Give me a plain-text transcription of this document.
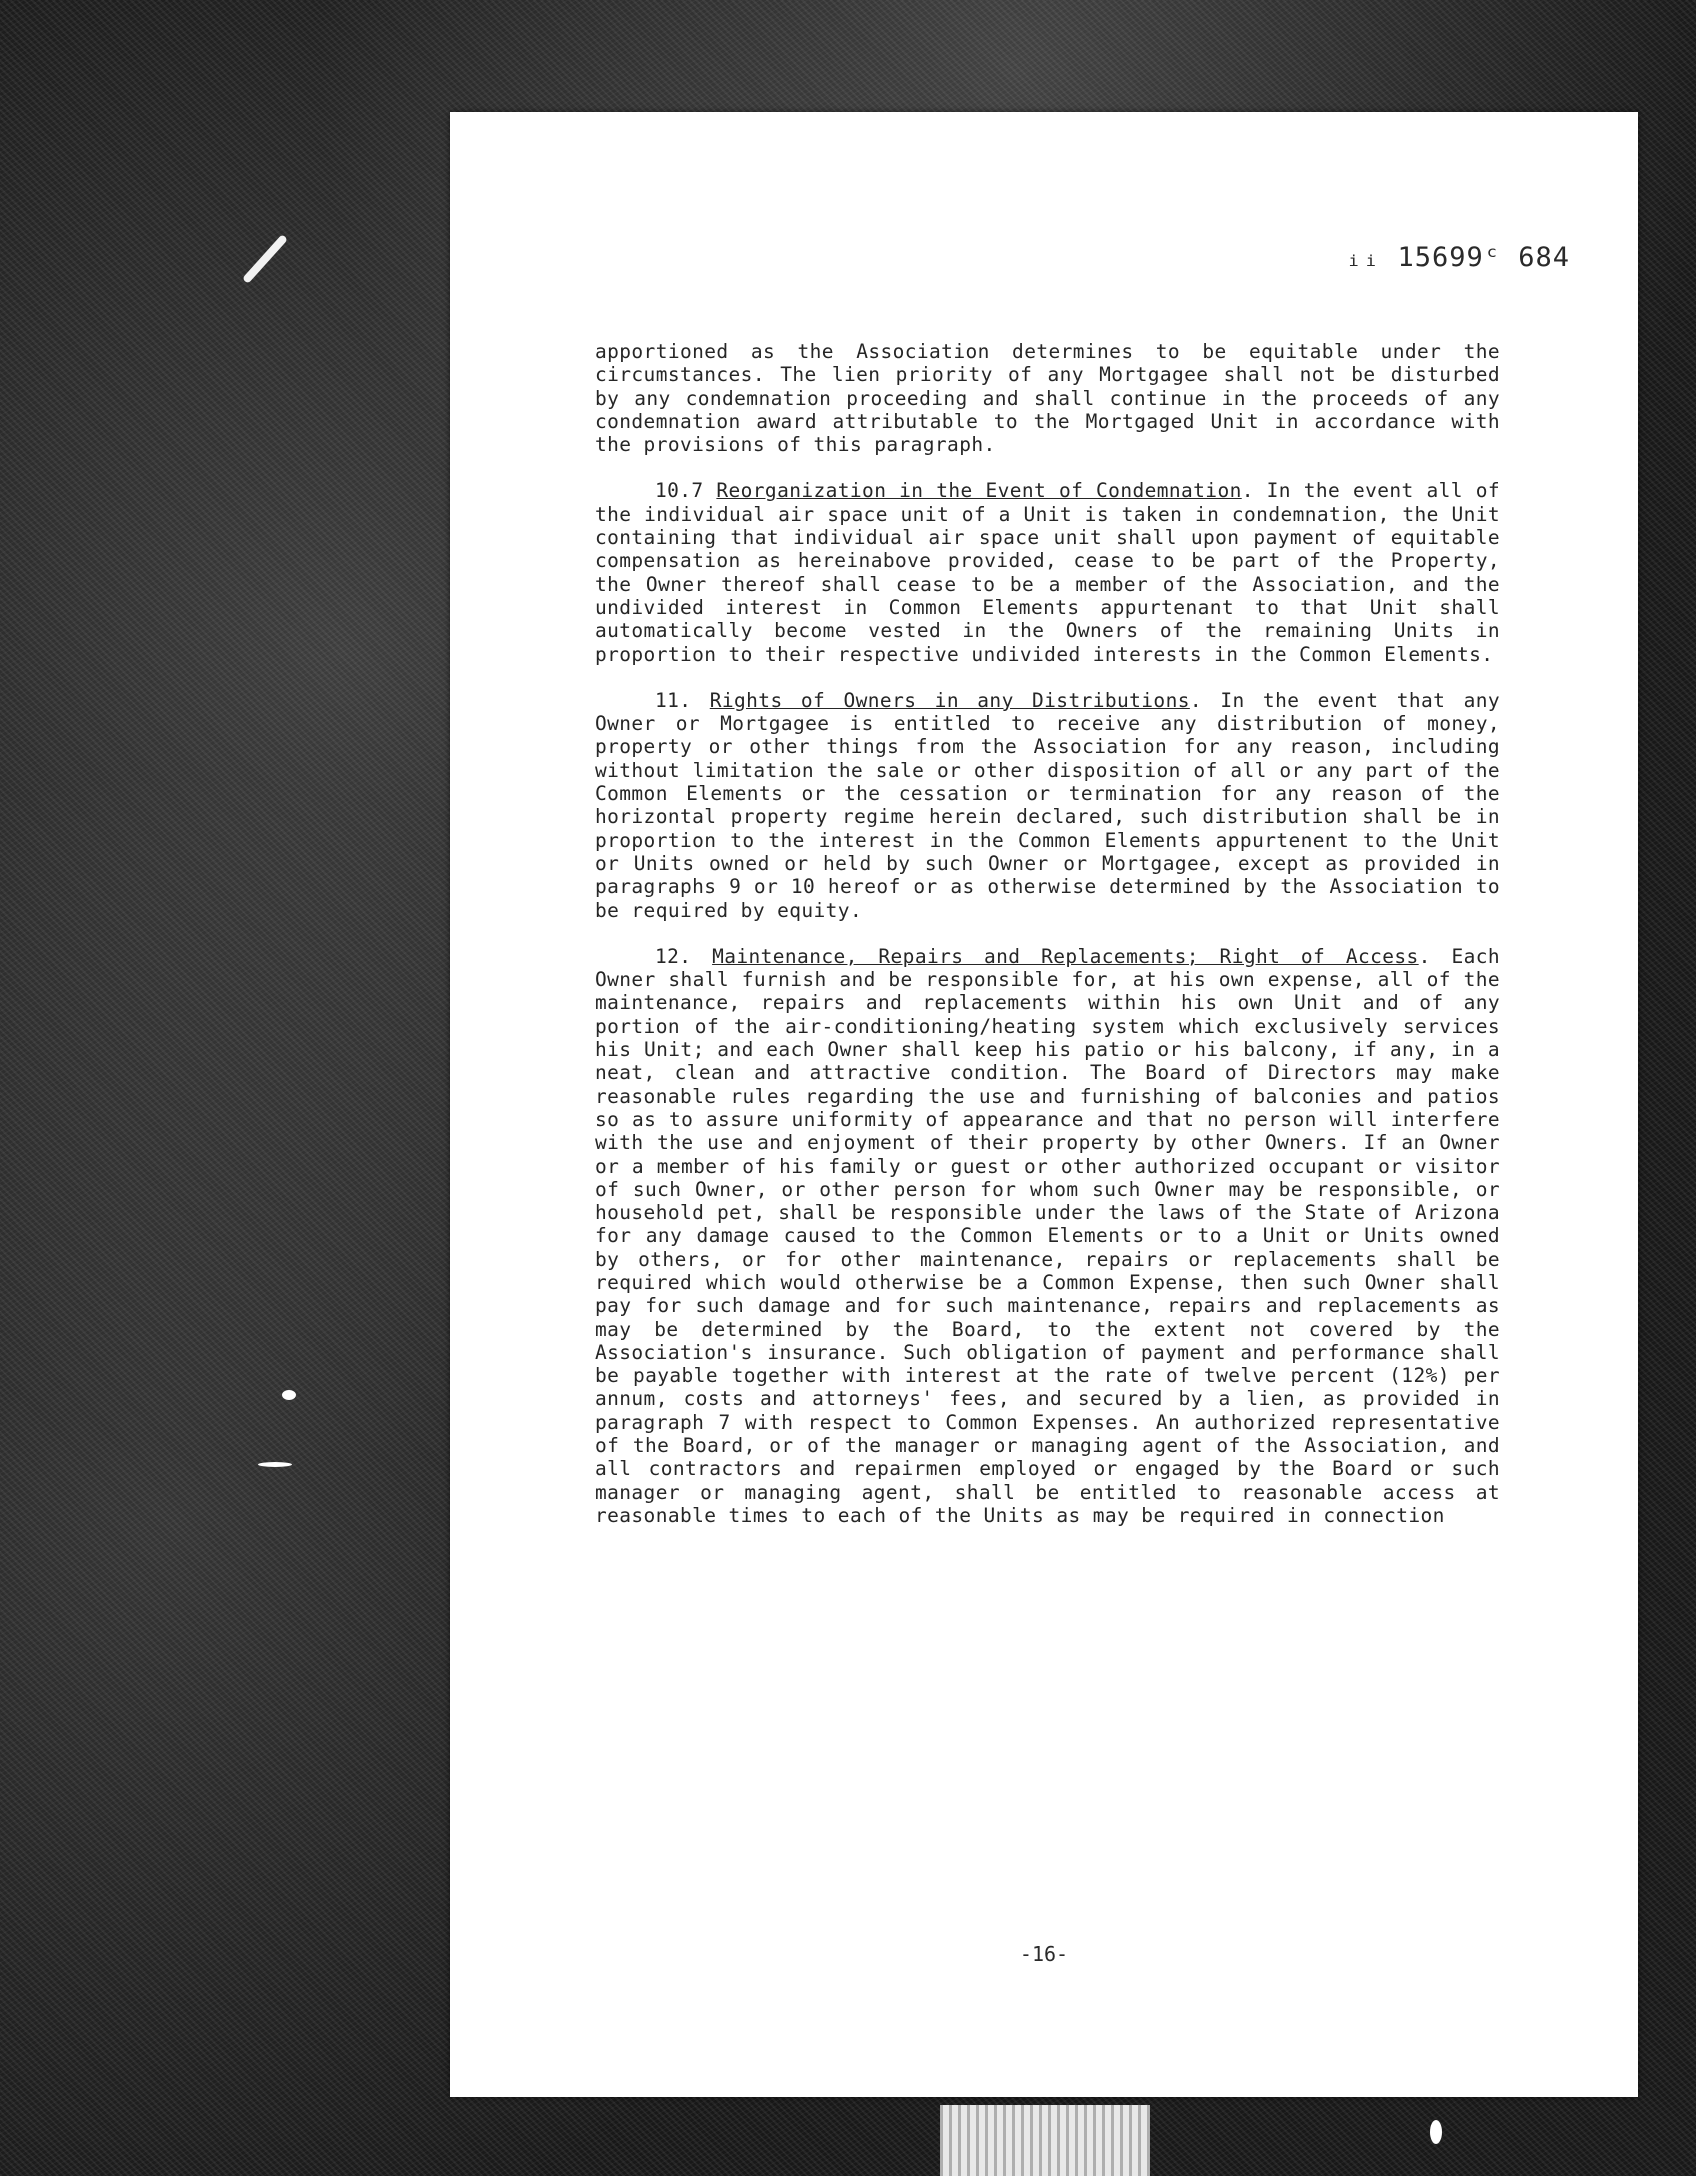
ᵢᵢ 15699ᶜ 684

apportioned as the Association determines to be equitable under the circumstances. The lien priority of any Mortgagee shall not be disturbed by any condemnation proceeding and shall continue in the proceeds of any condemnation award attributable to the Mortgaged Unit in accordance with the provisions of this paragraph.

10.7 Reorganization in the Event of Condemnation. In the event all of the individual air space unit of a Unit is taken in condemnation, the Unit containing that individual air space unit shall upon payment of equitable compensation as hereinabove provided, cease to be part of the Property, the Owner thereof shall cease to be a member of the Association, and the undivided interest in Common Elements appurtenant to that Unit shall automatically become vested in the Owners of the remaining Units in proportion to their respective undivided interests in the Common Elements.

11. Rights of Owners in any Distributions. In the event that any Owner or Mortgagee is entitled to receive any distribution of money, property or other things from the Association for any reason, including without limitation the sale or other disposition of all or any part of the Common Elements or the cessation or termination for any reason of the horizontal property regime herein declared, such distribution shall be in proportion to the interest in the Common Elements appurtenent to the Unit or Units owned or held by such Owner or Mortgagee, except as provided in paragraphs 9 or 10 hereof or as otherwise determined by the Association to be required by equity.

12. Maintenance, Repairs and Replacements; Right of Access. Each Owner shall furnish and be responsible for, at his own expense, all of the maintenance, repairs and replacements within his own Unit and of any portion of the air-conditioning/heating system which exclusively services his Unit; and each Owner shall keep his patio or his balcony, if any, in a neat, clean and attractive condition. The Board of Directors may make reasonable rules regarding the use and furnishing of balconies and patios so as to assure uniformity of appearance and that no person will interfere with the use and enjoyment of their property by other Owners. If an Owner or a member of his family or guest or other authorized occupant or visitor of such Owner, or other person for whom such Owner may be responsible, or household pet, shall be responsible under the laws of the State of Arizona for any damage caused to the Common Elements or to a Unit or Units owned by others, or for other maintenance, repairs or replacements shall be required which would otherwise be a Common Expense, then such Owner shall pay for such damage and for such maintenance, repairs and replacements as may be determined by the Board, to the extent not covered by the Association's insurance. Such obligation of payment and performance shall be payable together with interest at the rate of twelve percent (12%) per annum, costs and attorneys' fees, and secured by a lien, as provided in paragraph 7 with respect to Common Expenses. An authorized representative of the Board, or of the manager or managing agent of the Association, and all contractors and repairmen employed or engaged by the Board or such manager or managing agent, shall be entitled to reasonable access at reasonable times to each of the Units as may be required in connection

-16-
